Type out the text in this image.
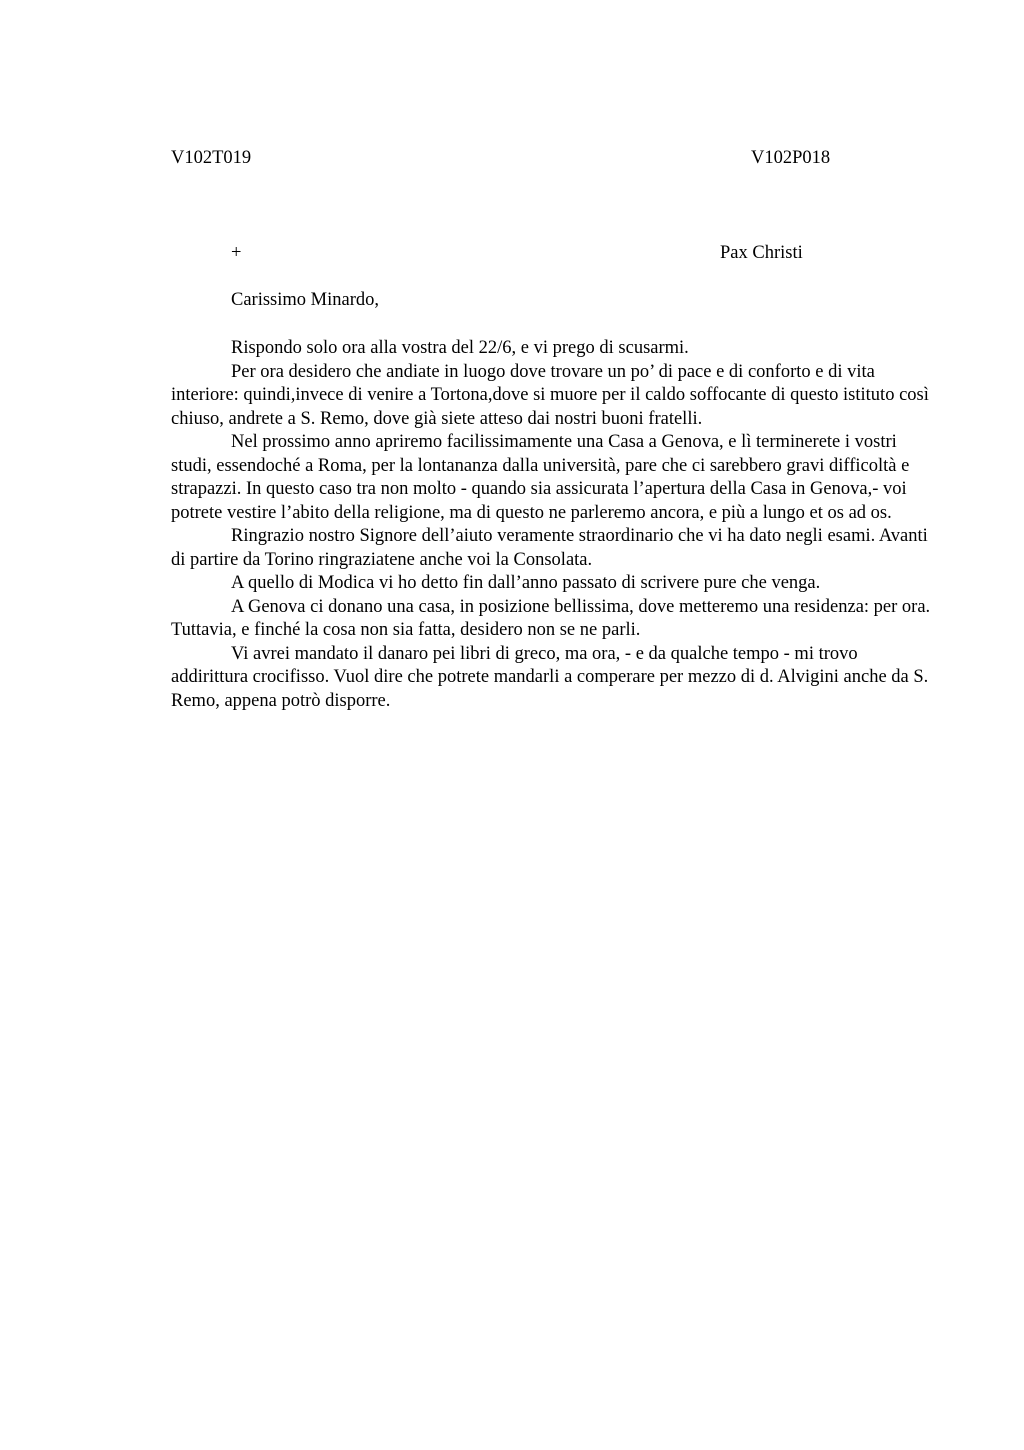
V102T019	V102P018
+	Pax Christi
Carissimo Minardo,

Rispondo solo ora alla vostra del 22/6, e vi prego di scusarmi.

Per ora desidero che andiate in luogo dove trovare un po’ di pace e di conforto e di vita interiore: quindi,invece di venire a Tortona,dove si muore per il caldo soffocante di questo istituto così chiuso, andrete a S. Remo, dove già siete atteso dai nostri buoni fratelli.

Nel prossimo anno apriremo facilissimamente una Casa a Genova, e lì terminerete i vostri studi, essendoché a Roma, per la lontananza dalla università, pare che ci sarebbero gravi difficoltà e strapazzi. In questo caso tra non molto - quando sia assicurata l’apertura della Casa in Genova,- voi potrete vestire l’abito della religione, ma di questo ne parleremo ancora, e più a lungo et os ad os.

Ringrazio nostro Signore dell’aiuto veramente straordinario che vi ha dato negli esami. Avanti di partire da Torino ringraziatene anche voi la Consolata.

A quello di Modica vi ho detto fin dall’anno passato di scrivere pure che venga.

A Genova ci donano una casa, in posizione bellissima, dove metteremo una residenza: per ora. Tuttavia, e finché la cosa non sia fatta, desidero non se ne parli.

Vi avrei mandato il danaro pei libri di greco, ma ora, - e da qualche tempo - mi trovo addirittura crocifisso. Vuol dire che potrete mandarli a comperare per mezzo di d. Alvigini anche da S. Remo, appena potrò disporre.
